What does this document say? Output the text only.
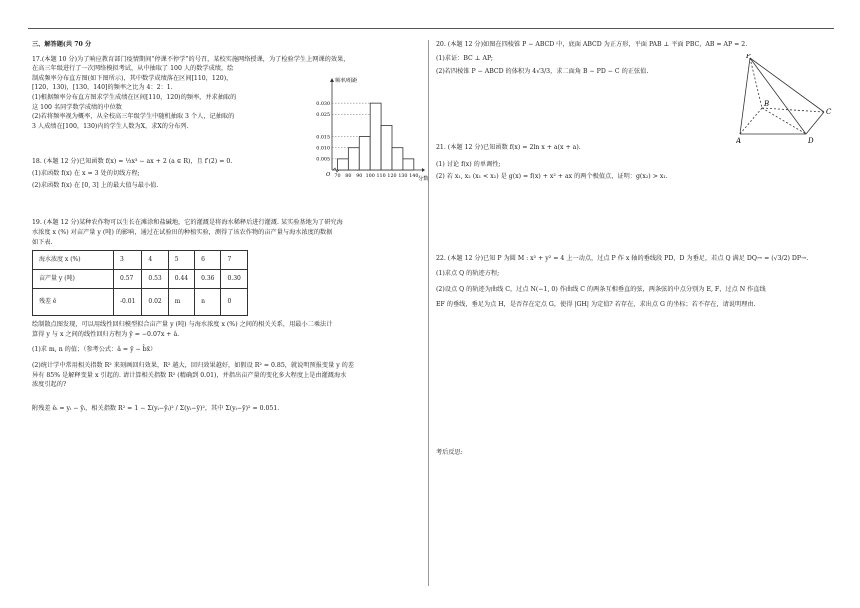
三、解答题(共 70 分

17.(本题 10 分)为了响应教育部门疫情期间“停课不停学”的号召，某校实施网络授课，为了检验学生上网课的效果，

在高三年级进行了一次网络模拟考试，从中抽取了 100 人的数学成绩，绘

制成频率分布直方图(如下图所示)，其中数学成绩落在区间[110，120)，

[120，130)，[130，140]的频率之比为 4：2：1.

(1)根据频率分布直方图求学生成绩在区间[110，120)的频率，并求抽取的

这 100 名同学数学成绩的中位数

(2)若将频率视为概率，从全校高三年级学生中随机抽取 3 个人，记抽取的

3 人成绩在[100，130)内的学生人数为X，求X的分布列.

频率/组距
分数
O
0.030
0.025
0.015
0.010
0.005
70 80 90 100 110 120 130 140

18. (本题 12 分)已知函数 f(x) = ⅓x³ − ax + 2 (a ∈ R)，且 f′(2) = 0.

(1)求函数 f(x) 在 x = 3 处的切线方程;

(2)求函数 f(x) 在 [0, 3] 上的最大值与最小值.

19. (本题 12 分)某种农作物可以生长在滩涂和盐碱地，它的灌溉是将海水稀释后进行灌溉. 某实验基地为了研究海

水浓度 x (%) 对亩产量 y (吨) 的影响，通过在试验田的种植实验，测得了该农作物的亩产量与海水浓度的数据

如下表.

海水浓度 x (%)	3	4	5	6	7
亩产量 y (吨)	0.57	0.53	0.44	0.36	0.30
残差 ê	-0.01	0.02	m	n	0

绘制散点图发现，可以用线性回归模型拟合亩产量 y (吨) 与海水浓度 x (%) 之间的相关关系，用最小二乘法计

算得 y 与 x 之间的线性回归方程为 ŷ = −0.07x + â.

(1)求 m, n 的值；（参考公式：â = ȳ − b̂x̄）

(2)统计学中常用相关指数 R² 来刻画回归效果，R² 越大，回归效果越好，如假设 R² = 0.85，就说明预报变量 y 的差

异有 85% 是解释变量 x 引起的. 请计算相关指数 R² (精确到 0.01)，并指出亩产量的变化多大程度上是由灌溉海水

浓度引起的?

附残差 êᵢ = yᵢ − ŷᵢ，相关指数 R² = 1 − Σ(yᵢ−ŷᵢ)² / Σ(yᵢ−ȳ)²，其中 Σ(yᵢ−ȳ)² = 0.051.

20. (本题 12 分)如图在四棱锥 P − ABCD 中，底面 ABCD 为正方形，平面 PAB ⊥ 平面 PBC，AB = AP = 2.

(1)求证：BC ⊥ AP;

(2)若四棱锥 P − ABCD 的体积为 4√3/3，求二面角 B − PD − C 的正弦值.

P
A
B
C
D

21. (本题 12 分)已知函数 f(x) = 2ln x + a(x + a).

(1) 讨论 f(x) 的单调性;

(2) 若 x₁, x₂ (x₁ < x₂) 是 g(x) = f(x) + x² + ax 的两个极值点，证明：g(x₂) > x₁.

22. (本题 12 分)已知 P 为圆 M : x² + y² = 4 上一动点，过点 P 作 x 轴的垂线段 PD，D 为垂足，若点 Q 满足 DQ→ = (√3/2) DP→.

(1)求点 Q 的轨迹方程;

(2)设点 Q 的轨迹为曲线 C，过点 N(−1, 0) 作曲线 C 的两条互相垂直的弦，两条弦的中点分别为 E, F，过点 N 作直线

EF 的垂线，垂足为点 H，是否存在定点 G，使得 |GH| 为定值? 若存在，求出点 G 的坐标；若不存在，请说明理由.

考后反思:
